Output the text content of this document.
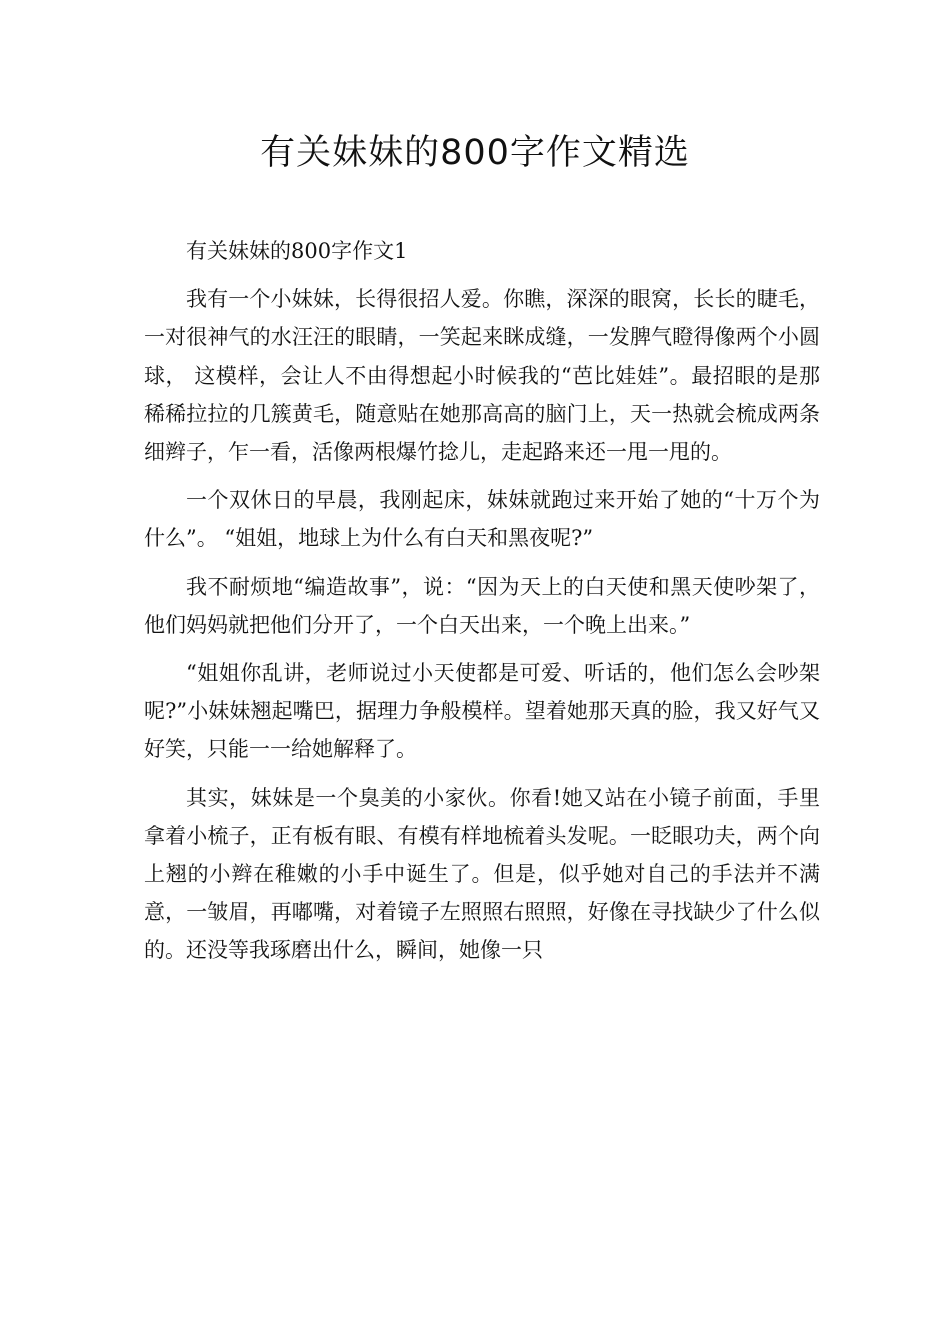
有关妹妹的800字作文精选

有关妹妹的800字作文1

我有一个小妹妹，长得很招人爱。你瞧，深深的眼窝，长长的睫毛，一对很神气的水汪汪的眼睛，一笑起来眯成缝，一发脾气瞪得像两个小圆球， 这模样，会让人不由得想起小时候我的“芭比娃娃”。最招眼的是那稀稀拉拉的几簇黄毛，随意贴在她那高高的脑门上，天一热就会梳成两条细辫子，乍一看，活像两根爆竹捻儿，走起路来还一甩一甩的。

一个双休日的早晨，我刚起床，妹妹就跑过来开始了她的“十万个为什么”。 “姐姐，地球上为什么有白天和黑夜呢?”

我不耐烦地“编造故事”，说：“因为天上的白天使和黑天使吵架了，他们妈妈就把他们分开了，一个白天出来，一个晚上出来。”

“姐姐你乱讲，老师说过小天使都是可爱、听话的，他们怎么会吵架呢?”小妹妹翘起嘴巴，据理力争般模样。望着她那天真的脸，我又好气又好笑，只能一一给她解释了。

其实，妹妹是一个臭美的小家伙。你看!她又站在小镜子前面，手里拿着小梳子，正有板有眼、有模有样地梳着头发呢。一眨眼功夫，两个向上翘的小辫在稚嫩的小手中诞生了。但是，似乎她对自己的手法并不满意，一皱眉，再嘟嘴，对着镜子左照照右照照，好像在寻找缺少了什么似的。还没等我琢磨出什么，瞬间，她像一只
